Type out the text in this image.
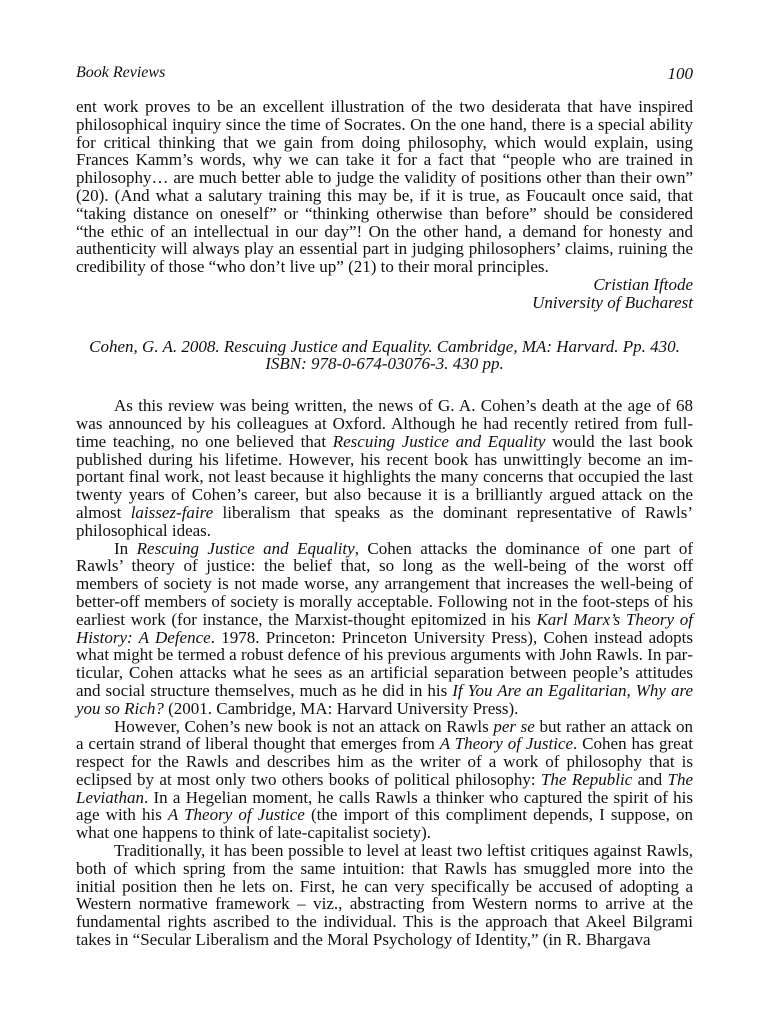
Book Reviews	100

ent work proves to be an excellent illustration of the two desiderata that have inspired philosophical inquiry since the time of Socrates. On the one hand, there is a special ability for critical thinking that we gain from doing philosophy, which would explain, using Frances Kamm’s words, why we can take it for a fact that “people who are trained in philosophy… are much better able to judge the validity of positions other than their own” (20). (And what a salutary training this may be, if it is true, as Foucault once said, that “taking distance on oneself” or “thinking otherwise than before” should be considered “the ethic of an intellectual in our day”! On the other hand, a demand for honesty and authenticity will always play an essential part in judging philosophers’ claims, ruining the credibility of those “who don’t live up” (21) to their moral principles.

Cristian Iftode

University of Bucharest

Cohen, G. A. 2008. Rescuing Justice and Equality. Cambridge, MA: Harvard. Pp. 430.
ISBN: 978-0-674-03076-3. 430 pp.

As this review was being written, the news of G. A. Cohen’s death at the age of 68 was announced by his colleagues at Oxford. Although he had recently retired from full-time teaching, no one believed that Rescuing Justice and Equality would the last book published during his lifetime. However, his recent book has unwittingly become an important final work, not least because it highlights the many concerns that occupied the last twenty years of Cohen’s career, but also because it is a brilliantly argued attack on the almost laissez-faire liberalism that speaks as the dominant representative of Rawls’ philosophical ideas.

In Rescuing Justice and Equality, Cohen attacks the dominance of one part of Rawls’ theory of justice: the belief that, so long as the well-being of the worst off members of society is not made worse, any arrangement that increases the well-being of better-off members of society is morally acceptable. Following not in the foot-steps of his earliest work (for instance, the Marxist-thought epitomized in his Karl Marx’s Theory of History: A Defence. 1978. Princeton: Princeton University Press), Cohen instead adopts what might be termed a robust defence of his previous arguments with John Rawls. In particular, Cohen attacks what he sees as an artificial separation between people’s attitudes and social structure themselves, much as he did in his If You Are an Egalitarian, Why are you so Rich? (2001. Cambridge, MA: Harvard University Press).

However, Cohen’s new book is not an attack on Rawls per se but rather an attack on a certain strand of liberal thought that emerges from A Theory of Justice. Cohen has great respect for the Rawls and describes him as the writer of a work of philosophy that is eclipsed by at most only two others books of political philosophy: The Republic and The Leviathan. In a Hegelian moment, he calls Rawls a thinker who captured the spirit of his age with his A Theory of Justice (the import of this compliment depends, I suppose, on what one happens to think of late-capitalist society).

Traditionally, it has been possible to level at least two leftist critiques against Rawls, both of which spring from the same intuition: that Rawls has smuggled more into the initial position then he lets on. First, he can very specifically be accused of adopting a Western normative framework – viz., abstracting from Western norms to arrive at the fundamental rights ascribed to the individual. This is the approach that Akeel Bilgrami takes in “Secular Liberalism and the Moral Psychology of Identity,” (in R. Bhargava
